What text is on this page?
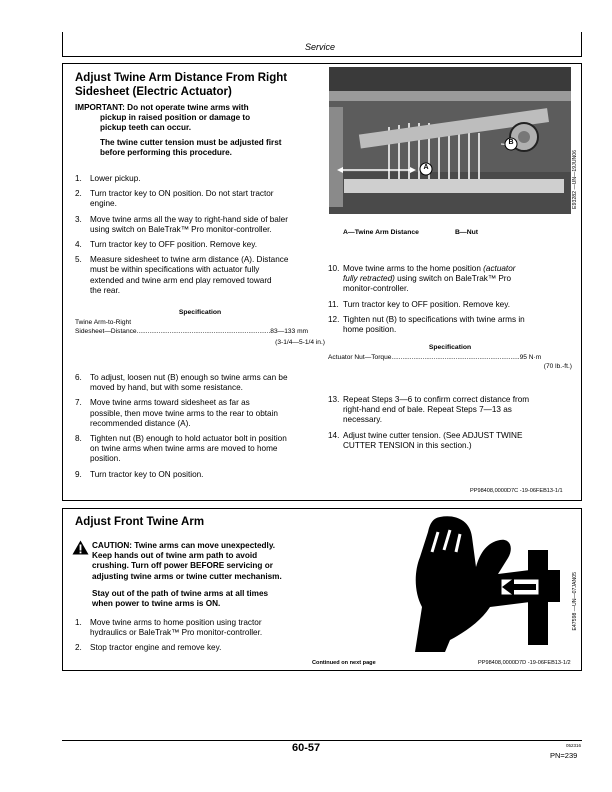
Service
Adjust Twine Arm Distance From Right
Sidesheet (Electric Actuator)
IMPORTANT: Do not operate twine arms with
pickup in raised position or damage to
pickup teeth can occur.
The twine cutter tension must be adjusted first
before performing this procedure.
1. Lower pickup.
2. Turn tractor key to ON position. Do not start tractor
engine.
3. Move twine arms all the way to right-hand side of baler
using switch on BaleTrak™ Pro monitor-controller.
4. Turn tractor key to OFF position. Remove key.
5. Measure sidesheet to twine arm distance (A). Distance
must be within specifications with actuator fully
extended and twine arm end play removed toward
the rear.
Specification
Twine Arm-to-Right
Sidesheet—Distance.........................................................................83—133 mm
(3-1/4—5-1/4 in.)
6. To adjust, loosen nut (B) enough so twine arms can be
moved by hand, but with some resistance.
7. Move twine arms toward sidesheet as far as
possible, then move twine arms to the rear to obtain
recommended distance (A).
8. Tighten nut (B) enough to hold actuator bolt in position
on twine arms when twine arms are moved to home
position.
9. Turn tractor key to ON position.
A
B
E93282 —UN—19JUN06
A—Twine Arm Distance	B—Nut
10. Move twine arms to the home position (actuator
fully retracted) using switch on BaleTrak™ Pro
monitor-controller.
11. Turn tractor key to OFF position. Remove key.
12. Tighten nut (B) to specifications with twine arms in
home position.
Specification
Actuator Nut—Torque......................................................................95 N·m
(70 lb.-ft.)
13. Repeat Steps 3—6 to confirm correct distance from
right-hand end of bale. Repeat Steps 7—13 as
necessary.
14. Adjust twine cutter tension. (See ADJUST TWINE
CUTTER TENSION in this section.)
PP98408,0000D7C -19-06FEB13-1/1
Adjust Front Twine Arm
CAUTION: Twine arms can move unexpectedly.
Keep hands out of twine arm path to avoid
crushing. Turn off power BEFORE servicing or
adjusting twine arms or twine cutter mechanism.
Stay out of the path of twine arms at all times
when power to twine arms is ON.
1. Move twine arms to home position using tractor
hydraulics or BaleTrak™ Pro monitor-controller.
2. Stop tractor engine and remove key.
E47598 —UN—07JAN05
Continued on next page	PP98408,0000D7D -19-06FEB13-1/2
60-57	052316
PN=239
